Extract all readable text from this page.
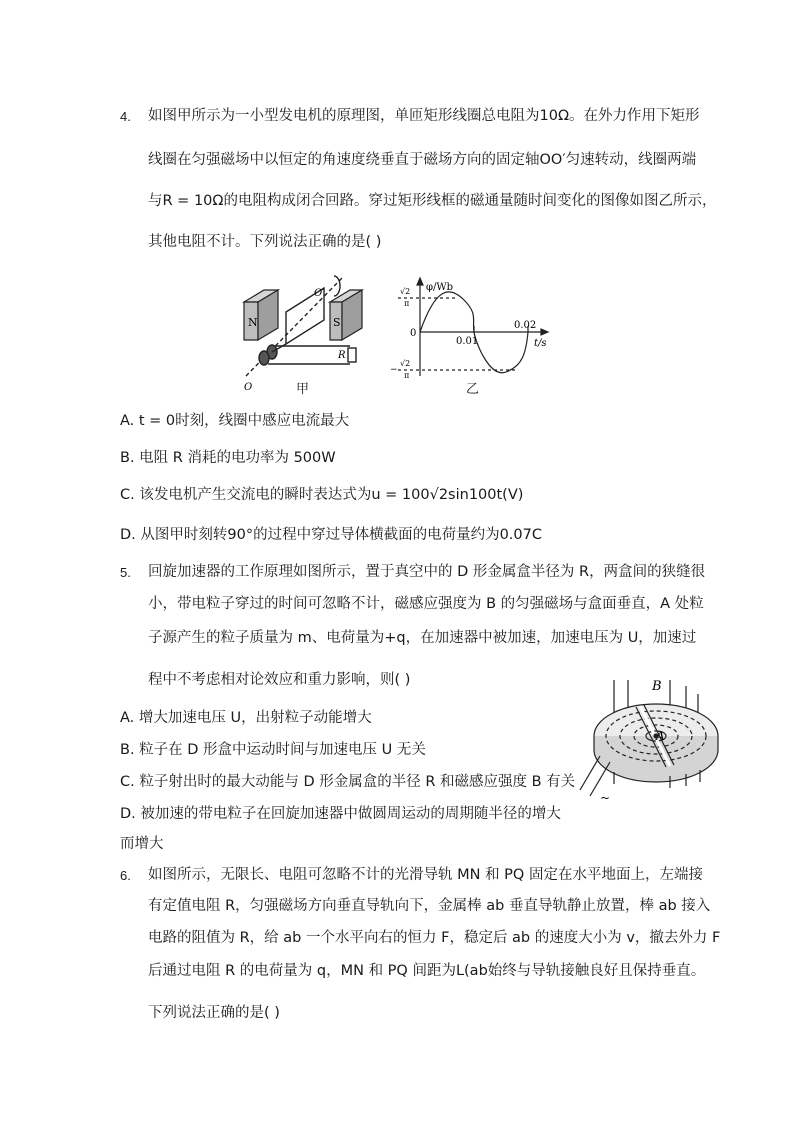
4. 如图甲所示为一小型发电机的原理图，单匝矩形线圈总电阻为10Ω。在外力作用下矩形
线圈在匀强磁场中以恒定的角速度绕垂直于磁场方向的固定轴OO′匀速转动，线圈两端
与R = 10Ω的电阻构成闭合回路。穿过矩形线框的磁通量随时间变化的图像如图乙所示，
其他电阻不计。下列说法正确的是( )
N	S
O′
O
R
甲
φ/Wb
t/s
√2
π
−
√2
π
0
0.01
0.02
乙
A. t = 0时刻，线圈中感应电流最大
B. 电阻 R 消耗的电功率为 500W
C. 该发电机产生交流电的瞬时表达式为u = 100√2sin100t(V)
D. 从图甲时刻转90°的过程中穿过导体横截面的电荷量约为0.07C
5. 回旋加速器的工作原理如图所示，置于真空中的 D 形金属盒半径为 R，两盒间的狭缝很
小，带电粒子穿过的时间可忽略不计，磁感应强度为 B 的匀强磁场与盒面垂直，A 处粒
子源产生的粒子质量为 m、电荷量为+q，在加速器中被加速，加速电压为 U，加速过
程中不考虑相对论效应和重力影响，则( )	B
A
~
A. 增大加速电压 U，出射粒子动能增大
B. 粒子在 D 形盒中运动时间与加速电压 U 无关
C. 粒子射出时的最大动能与 D 形金属盒的半径 R 和磁感应强度 B 有关
D. 被加速的带电粒子在回旋加速器中做圆周运动的周期随半径的增大
而增大
6. 如图所示，无限长、电阻可忽略不计的光滑导轨 MN 和 PQ 固定在水平地面上，左端接
有定值电阻 R，匀强磁场方向垂直导轨向下，金属棒 ab 垂直导轨静止放置，棒 ab 接入
电路的阻值为 R，给 ab 一个水平向右的恒力 F，稳定后 ab 的速度大小为 v，撤去外力 F
后通过电阻 R 的电荷量为 q，MN 和 PQ 间距为L(ab始终与导轨接触良好且保持垂直。
下列说法正确的是( )
